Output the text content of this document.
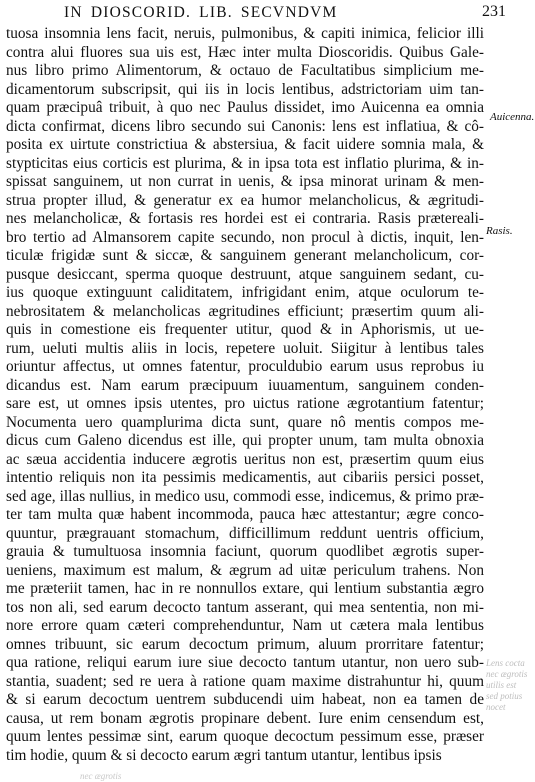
IN DIOSCORID. LIB. SECVNDVM	231
tuosa insomnia lens facit, neruis, pulmonibus, & capiti inimica, felicior illi
contra alui fluores sua uis est, Hæc inter multa Dioscoridis. Quibus Gale-
nus libro primo Alimentorum, & octauo de Facultatibus simplicium me-
dicamentorum subscripsit, qui iis in locis lentibus, adstrictoriam uim tan-
quam præcipuâ tribuit, à quo nec Paulus dissidet, imo Auicenna ea omnia
dicta confirmat, dicens libro secundo sui Canonis: lens est inflatiua, & cô-
posita ex uirtute constrictiua & abstersiua, & facit uidere somnia mala, &
stypticitas eius corticis est plurima, & in ipsa tota est inflatio plurima, & in-
spissat sanguinem, ut non currat in uenis, & ipsa minorat urinam & men-
strua propter illud, & generatur ex ea humor melancholicus, & ægritudi-
nes melancholicæ, & fortasis res hordei est ei contraria. Rasis prætereali-
bro tertio ad Almansorem capite secundo, non procul à dictis, inquit, len-
ticulæ frigidæ sunt & siccæ, & sanguinem generant melancholicum, cor-
pusque desiccant, sperma quoque destruunt, atque sanguinem sedant, cu-
ius quoque extinguunt caliditatem, infrigidant enim, atque oculorum te-
nebrositatem & melancholicas ægritudines efficiunt; præsertim quum ali-
quis in comestione eis frequenter utitur, quod & in Aphorismis, ut ue-
rum, ueluti multis aliis in locis, repetere uoluit. Siigitur à lentibus tales
oriuntur affectus, ut omnes fatentur, proculdubio earum usus reprobus iu
dicandus est. Nam earum præcipuum iuuamentum, sanguinem conden-
sare est, ut omnes ipsis utentes, pro uictus ratione ægrotantium fatentur;
Nocumenta uero quamplurima dicta sunt, quare nô mentis compos me-
dicus cum Galeno dicendus est ille, qui propter unum, tam multa obnoxia
ac sæua accidentia inducere ægrotis ueritus non est, præsertim quum eius
intentio reliquis non ita pessimis medicamentis, aut cibariis persici posset,
sed age, illas nullius, in medico usu, commodi esse, indicemus, & primo præ-
ter tam multa quæ habent incommoda, pauca hæc attestantur; ægre conco-
quuntur, prægrauant stomachum, difficillimum reddunt uentris officium,
grauia & tumultuosa insomnia faciunt, quorum quodlibet ægrotis super-
ueniens, maximum est malum, & ægrum ad uitæ periculum trahens. Non
me præteriit tamen, hac in re nonnullos extare, qui lentium substantia ægro
tos non ali, sed earum decocto tantum asserant, qui mea sententia, non mi-
nore errore quam cæteri comprehenduntur, Nam ut cætera mala lentibus
omnes tribuunt, sic earum decoctum primum, aluum prorritare fatentur;
qua ratione, reliqui earum iure siue decocto tantum utantur, non uero sub-
stantia, suadent; sed re uera à ratione quam maxime distrahuntur hi, quum
& si earum decoctum uentrem subducendi uim habeat, non ea tamen de
causa, ut rem bonam ægrotis propinare debent. Iure enim censendum est,
quum lentes pessimæ sint, earum quoque decoctum pessimum esse, præser
tim hodie, quum & si decocto earum ægri tantum utantur, lentibus ipsis
Auicenna.
Rasis.
Lens cocta
nec ægrotis
utilis est
sed potius
nocet
nec ægrotis
